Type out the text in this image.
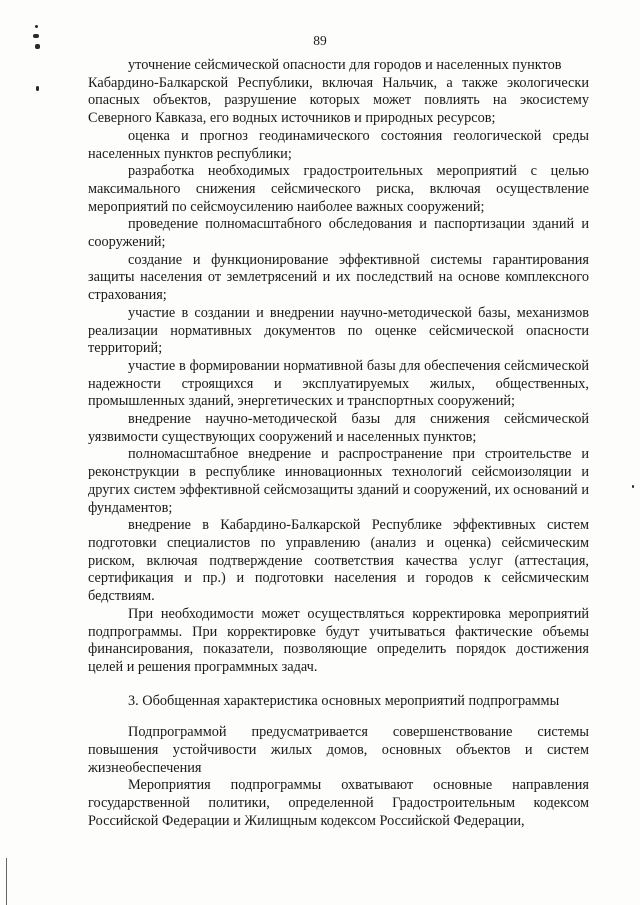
89

уточнение сейсмической опасности для городов и населенных пунктов

Кабардино-Балкарской Республики, включая Нальчик, а также экологически опасных объектов, разрушение которых может повлиять на экосистему Северного Кавказа, его водных источников и природных ресурсов;

оценка и прогноз геодинамического состояния геологической среды населенных пунктов республики;

разработка необходимых градостроительных мероприятий с целью максимального снижения сейсмического риска, включая осуществление мероприятий по сейсмоусилению наиболее важных сооружений;

проведение полномасштабного обследования и паспортизации зданий и сооружений;

создание и функционирование эффективной системы гарантирования защиты населения от землетрясений и их последствий на основе комплексного страхования;

участие в создании и внедрении научно-методической базы, механизмов реализации нормативных документов по оценке сейсмической опасности территорий;

участие в формировании нормативной базы для обеспечения сейсмической надежности строящихся и эксплуатируемых жилых, общественных, промышленных зданий, энергетических и транспортных сооружений;

внедрение научно-методической базы для снижения сейсмической уязвимости существующих сооружений и населенных пунктов;

полномасштабное внедрение и распространение при строительстве и реконструкции в республике инновационных технологий сейсмоизоляции и других систем эффективной сейсмозащиты зданий и сооружений, их оснований и фундаментов;

внедрение в Кабардино-Балкарской Республике эффективных систем подготовки специалистов по управлению (анализ и оценка) сейсмическим риском, включая подтверждение соответствия качества услуг (аттестация, сертификация и пр.) и подготовки населения и городов к сейсмическим бедствиям.

При необходимости может осуществляться корректировка мероприятий подпрограммы. При корректировке будут учитываться фактические объемы финансирования, показатели, позволяющие определить порядок достижения целей и решения программных задач.

3. Обобщенная характеристика основных мероприятий подпрограммы

Подпрограммой предусматривается совершенствование системы повышения устойчивости жилых домов, основных объектов и систем жизнеобеспечения

Мероприятия подпрограммы охватывают основные направления государственной политики, определенной Градостроительным кодексом Российской Федерации и Жилищным кодексом Российской Федерации,
